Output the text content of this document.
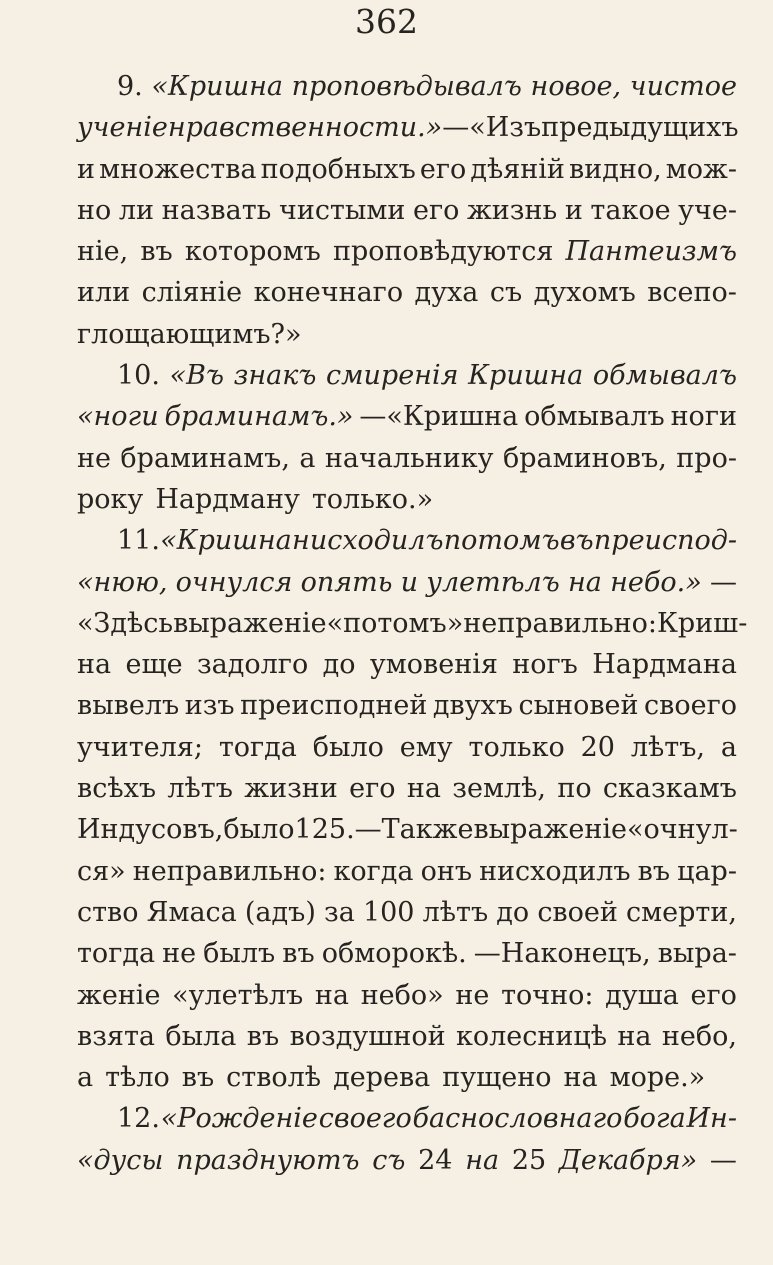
362
9. «Кришна проповѣдывалъ новое, чистое
ученіе нравственности.» —«Изъ предыдущихъ
и множества подобныхъ его дѣяній видно, мож-
но ли назвать чистыми его жизнь и такое уче-
ніе, въ которомъ проповѣдуются Пантеизмъ
или сліяніе конечнаго духа съ духомъ всепо-
глощающимъ?»
10. «Въ знакъ смиренія Кришна обмывалъ
«ноги браминамъ.» —«Кришна обмывалъ ноги
не браминамъ, а начальнику браминовъ, про-
року Нардману только.»
11. «Кришна нисходилъ потомъ въ преиспод-
«нюю, очнулся опять и улетѣлъ на небо.» —
«Здѣсь выраженіе «потомъ» неправильно: Криш-
на еще задолго до умовенія ногъ Нардмана
вывелъ изъ преисподней двухъ сыновей своего
учителя; тогда было ему только 20 лѣтъ, а
всѣхъ лѣтъ жизни его на землѣ, по сказкамъ
Индусовъ, было 125. —Также выраженіе «очнул-
ся» неправильно: когда онъ нисходилъ въ цар-
ство Ямаса (адъ) за 100 лѣтъ до своей смерти,
тогда не былъ въ обморокѣ. —Наконецъ, выра-
женіе «улетѣлъ на небо» не точно: душа его
взята была въ воздушной колесницѣ на небо,
а тѣло въ стволѣ дерева пущено на море.»
12. «Рожденіе своего баснословнаго бога Ин-
«дусы празднуютъ съ 24 на 25 Декабря» —
